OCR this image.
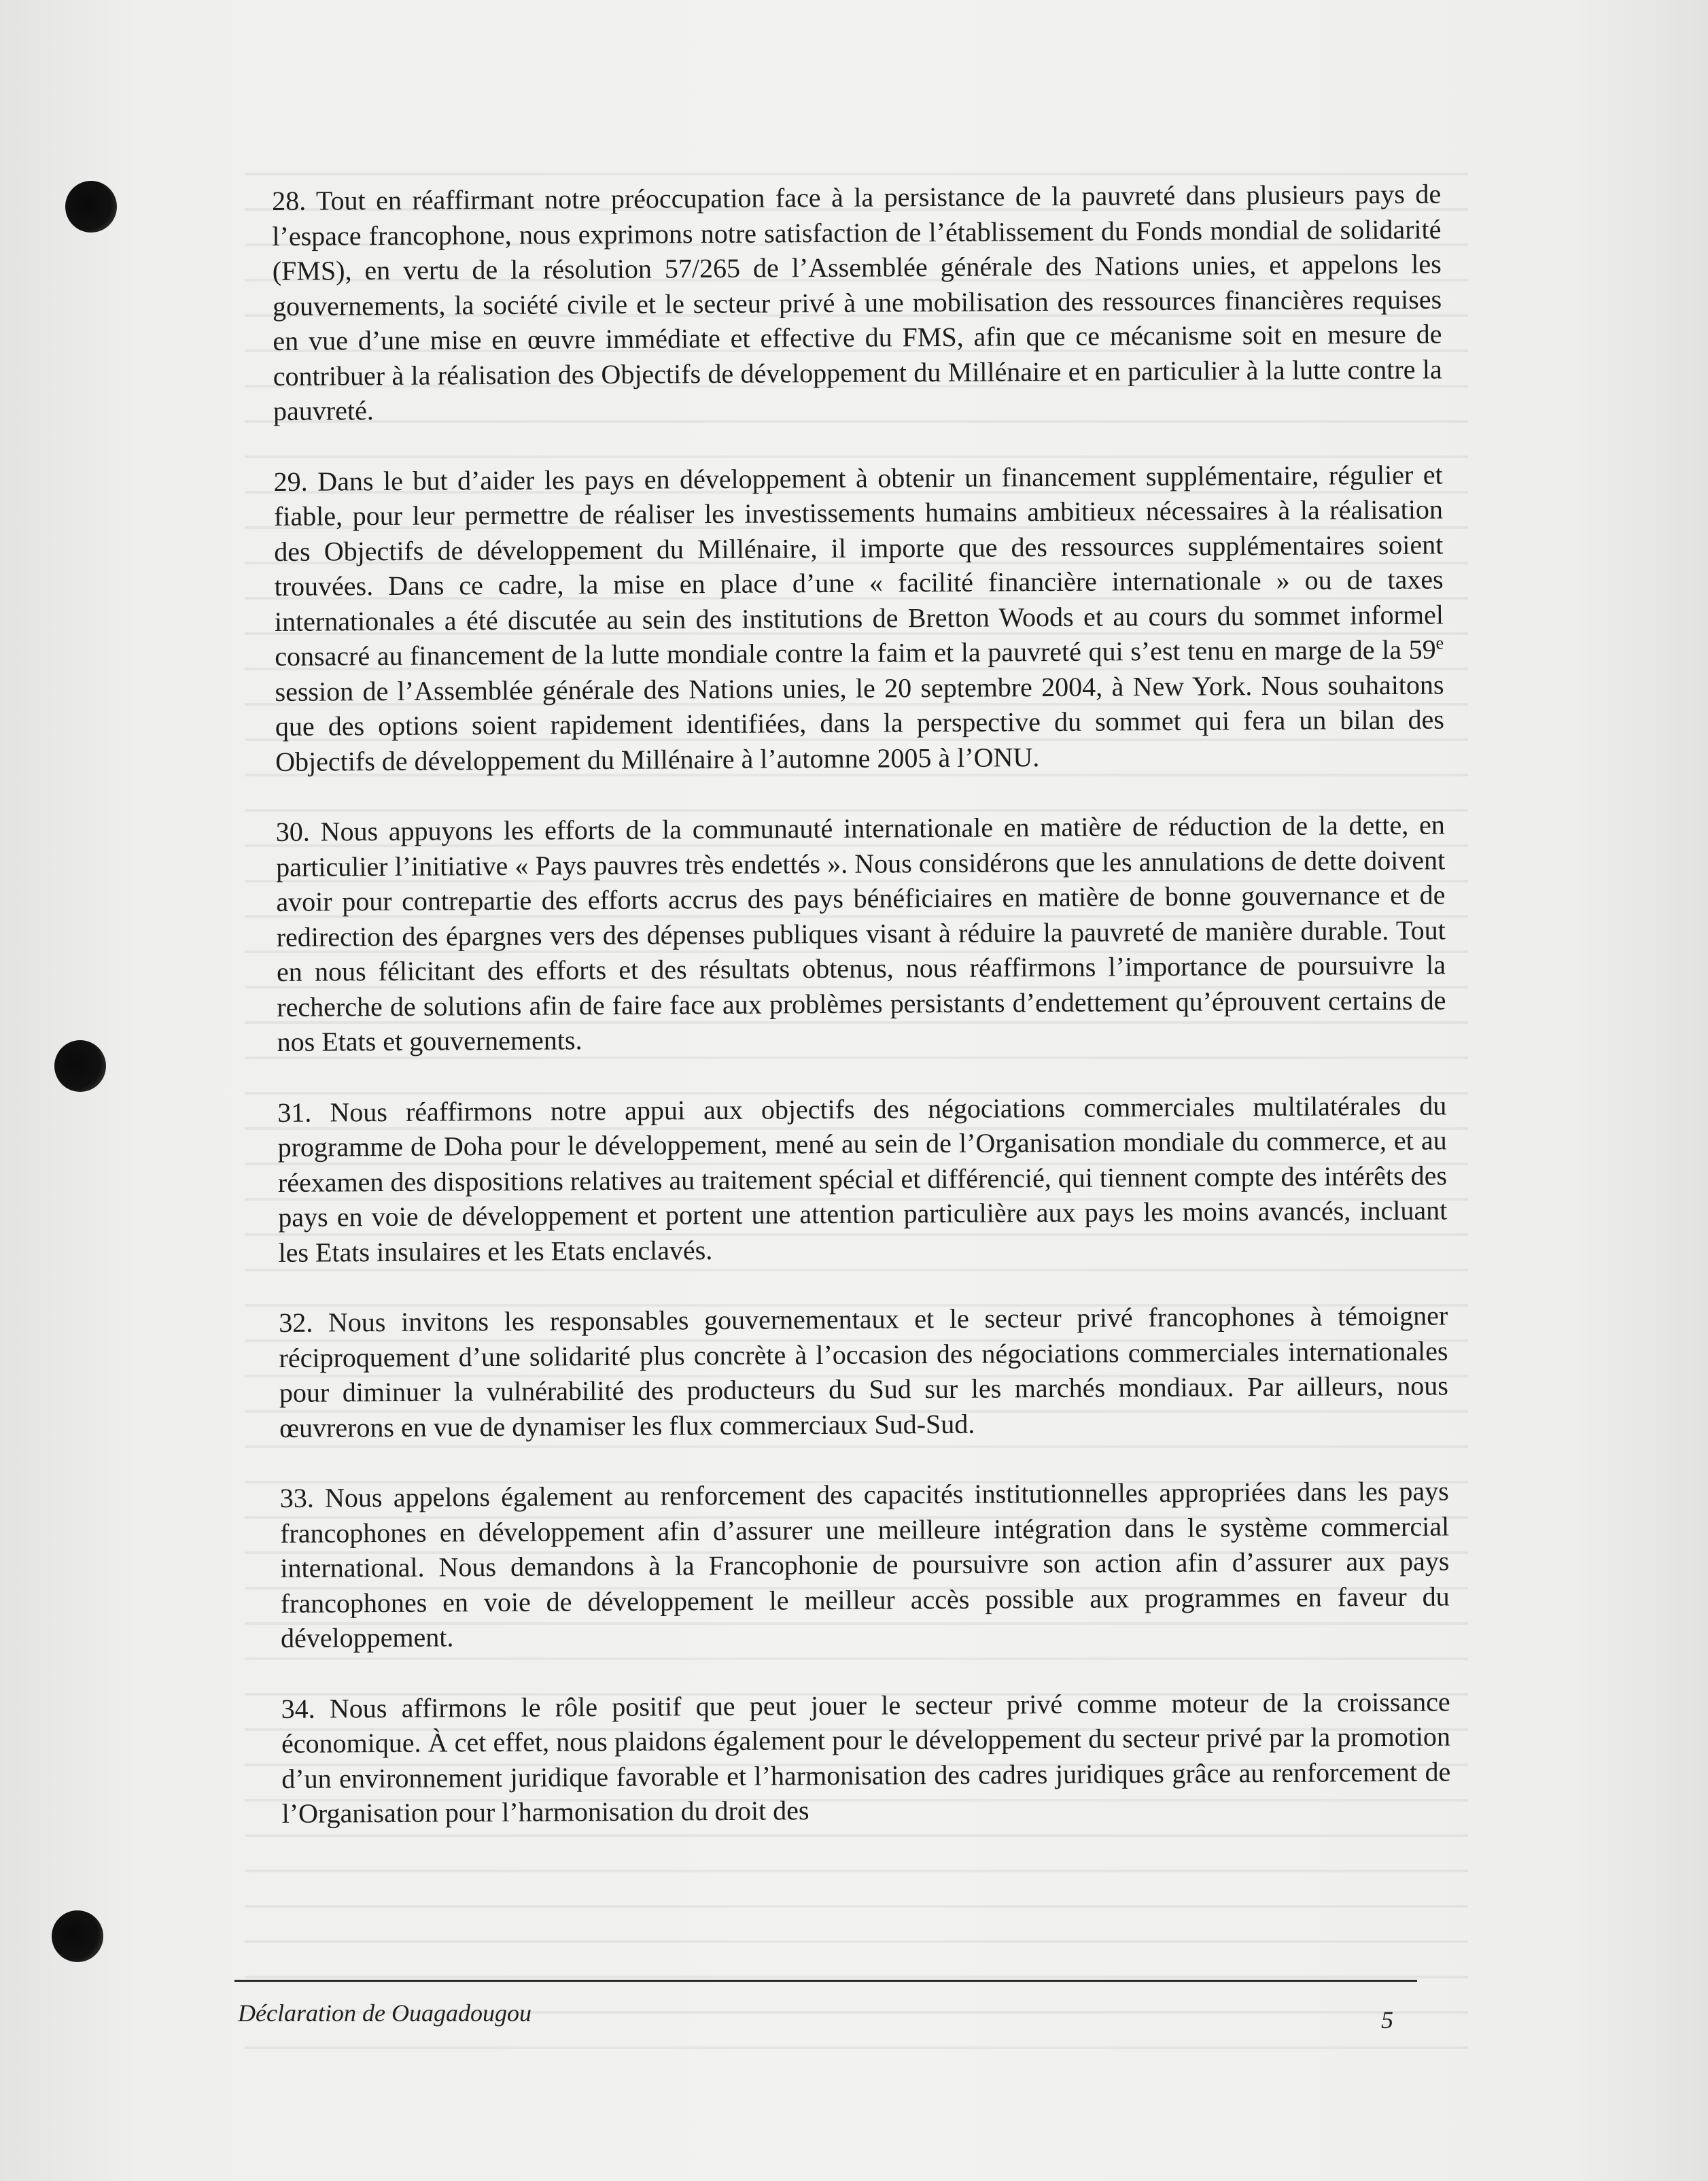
28. Tout en réaffirmant notre préoccupation face à la persistance de la pauvreté dans plusieurs pays de l’espace francophone, nous exprimons notre satisfaction de l’établissement du Fonds mondial de solidarité (FMS), en vertu de la résolution 57/265 de l’Assemblée générale des Nations unies, et appelons les gouvernements, la société civile et le secteur privé à une mobilisation des ressources financières requises en vue d’une mise en œuvre immédiate et effective du FMS, afin que ce mécanisme soit en mesure de contribuer à la réalisation des Objectifs de développement du Millénaire et en particulier à la lutte contre la pauvreté.

29. Dans le but d’aider les pays en développement à obtenir un financement supplémentaire, régulier et fiable, pour leur permettre de réaliser les investissements humains ambitieux nécessaires à la réalisation des Objectifs de développement du Millénaire, il importe que des ressources supplémentaires soient trouvées. Dans ce cadre, la mise en place d’une « facilité financière internationale » ou de taxes internationales a été discutée au sein des institutions de Bretton Woods et au cours du sommet informel consacré au financement de la lutte mondiale contre la faim et la pauvreté qui s’est tenu en marge de la 59e session de l’Assemblée générale des Nations unies, le 20 septembre 2004, à New York. Nous souhaitons que des options soient rapidement identifiées, dans la perspective du sommet qui fera un bilan des Objectifs de développement du Millénaire à l’automne 2005 à l’ONU.

30. Nous appuyons les efforts de la communauté internationale en matière de réduction de la dette, en particulier l’initiative « Pays pauvres très endettés ». Nous considérons que les annulations de dette doivent avoir pour contrepartie des efforts accrus des pays bénéficiaires en matière de bonne gouvernance et de redirection des épargnes vers des dépenses publiques visant à réduire la pauvreté de manière durable. Tout en nous félicitant des efforts et des résultats obtenus, nous réaffirmons l’importance de poursuivre la recherche de solutions afin de faire face aux problèmes persistants d’endettement qu’éprouvent certains de nos Etats et gouvernements.

31. Nous réaffirmons notre appui aux objectifs des négociations commerciales multilatérales du programme de Doha pour le développement, mené au sein de l’Organisation mondiale du commerce, et au réexamen des dispositions relatives au traitement spécial et différencié, qui tiennent compte des intérêts des pays en voie de développement et portent une attention particulière aux pays les moins avancés, incluant les Etats insulaires et les Etats enclavés.

32. Nous invitons les responsables gouvernementaux et le secteur privé francophones à témoigner réciproquement d’une solidarité plus concrète à l’occasion des négociations commerciales internationales pour diminuer la vulnérabilité des producteurs du Sud sur les marchés mondiaux. Par ailleurs, nous œuvrerons en vue de dynamiser les flux commerciaux Sud-Sud.

33. Nous appelons également au renforcement des capacités institutionnelles appropriées dans les pays francophones en développement afin d’assurer une meilleure intégration dans le système commercial international. Nous demandons à la Francophonie de poursuivre son action afin d’assurer aux pays francophones en voie de développement le meilleur accès possible aux programmes en faveur du développement.

34. Nous affirmons le rôle positif que peut jouer le secteur privé comme moteur de la croissance économique. À cet effet, nous plaidons également pour le développement du secteur privé par la promotion d’un environnement juridique favorable et l’harmonisation des cadres juridiques grâce au renforcement de l’Organisation pour l’harmonisation du droit des

Déclaration de Ouagadougou	5
